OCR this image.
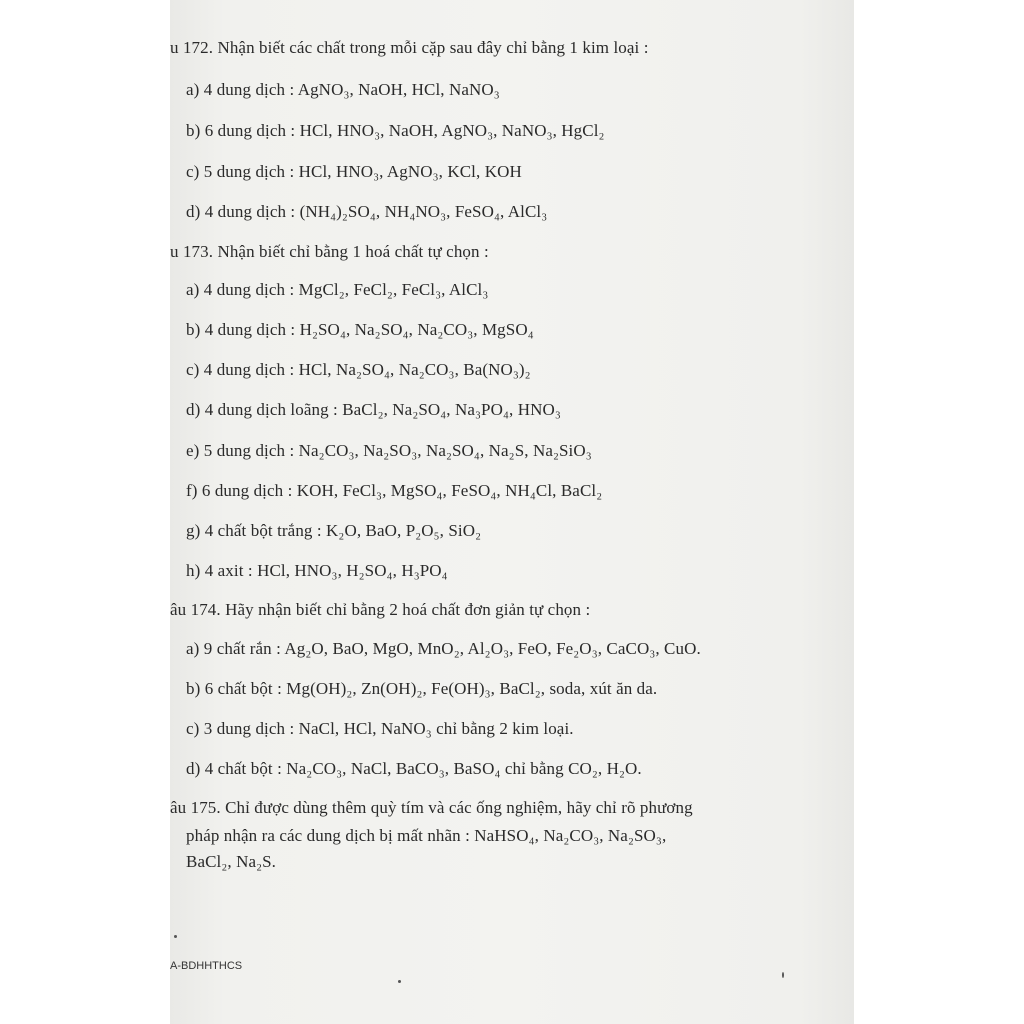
u 172. Nhận biết các chất trong mỗi cặp sau đây chỉ bằng 1 kim loại :
a) 4 dung dịch : AgNO₃, NaOH, HCl, NaNO₃
b) 6 dung dịch : HCl, HNO₃, NaOH, AgNO₃, NaNO₃, HgCl₂
c) 5 dung dịch : HCl, HNO₃, AgNO₃, KCl, KOH
d) 4 dung dịch : (NH₄)₂SO₄, NH₄NO₃, FeSO₄, AlCl₃
u 173. Nhận biết chỉ bằng 1 hoá chất tự chọn :
a) 4 dung dịch : MgCl₂, FeCl₂, FeCl₃, AlCl₃
b) 4 dung dịch : H₂SO₄, Na₂SO₄, Na₂CO₃, MgSO₄
c) 4 dung dịch : HCl, Na₂SO₄, Na₂CO₃, Ba(NO₃)₂
d) 4 dung dịch loãng : BaCl₂, Na₂SO₄, Na₃PO₄, HNO₃
e) 5 dung dịch : Na₂CO₃, Na₂SO₃, Na₂SO₄, Na₂S, Na₂SiO₃
f) 6 dung dịch : KOH, FeCl₃, MgSO₄, FeSO₄, NH₄Cl, BaCl₂
g) 4 chất bột trắng : K₂O, BaO, P₂O₅, SiO₂
h) 4 axit : HCl, HNO₃, H₂SO₄, H₃PO₄
âu 174. Hãy nhận biết chỉ bằng 2 hoá chất đơn giản tự chọn :
a) 9 chất rắn : Ag₂O, BaO, MgO, MnO₂, Al₂O₃, FeO, Fe₂O₃, CaCO₃, CuO.
b) 6 chất bột : Mg(OH)₂, Zn(OH)₂, Fe(OH)₃, BaCl₂, soda, xút ăn da.
c) 3 dung dịch : NaCl, HCl, NaNO₃ chỉ bằng 2 kim loại.
d) 4 chất bột : Na₂CO₃, NaCl, BaCO₃, BaSO₄ chỉ bằng CO₂, H₂O.
âu 175. Chỉ được dùng thêm quỳ tím và các ống nghiệm, hãy chỉ rõ phương
pháp nhận ra các dung dịch bị mất nhãn : NaHSO₄, Na₂CO₃, Na₂SO₃,
BaCl₂, Na₂S.
A-BDHHTHCS
